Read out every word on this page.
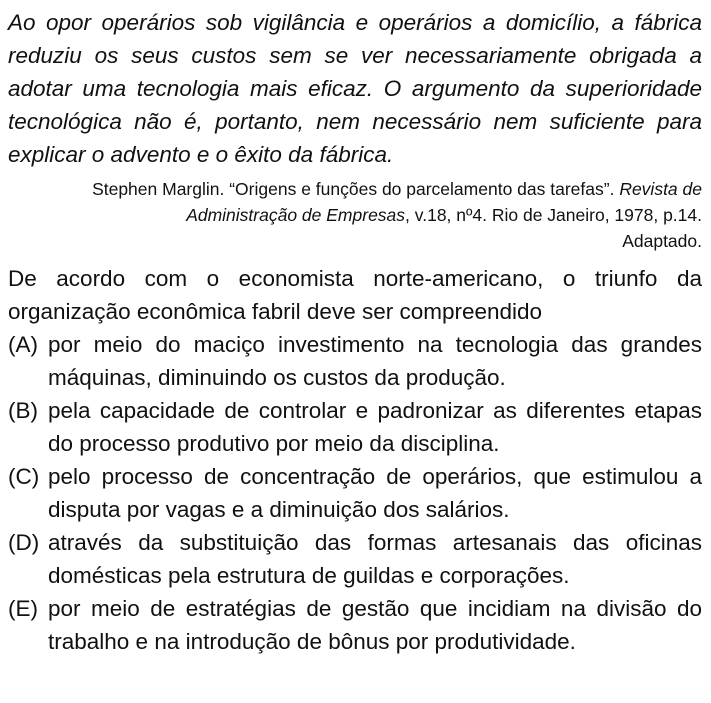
Ao opor operários sob vigilância e operários a domicílio, a fábrica reduziu os seus custos sem se ver necessariamente obrigada a adotar uma tecnologia mais eficaz. O argumento da superioridade tecnológica não é, portanto, nem necessário nem suficiente para explicar o advento e o êxito da fábrica.
Stephen Marglin. “Origens e funções do parcelamento das tarefas”. Revista de Administração de Empresas, v.18, nº4. Rio de Janeiro, 1978, p.14.
Adaptado.
De acordo com o economista norte-americano, o triunfo da organização econômica fabril deve ser compreendido
(A) por meio do maciço investimento na tecnologia das grandes máquinas, diminuindo os custos da produção.
(B) pela capacidade de controlar e padronizar as diferentes etapas do processo produtivo por meio da disciplina.
(C) pelo processo de concentração de operários, que estimulou a disputa por vagas e a diminuição dos salários.
(D) através da substituição das formas artesanais das oficinas domésticas pela estrutura de guildas e corporações.
(E) por meio de estratégias de gestão que incidiam na divisão do trabalho e na introdução de bônus por produtividade.
